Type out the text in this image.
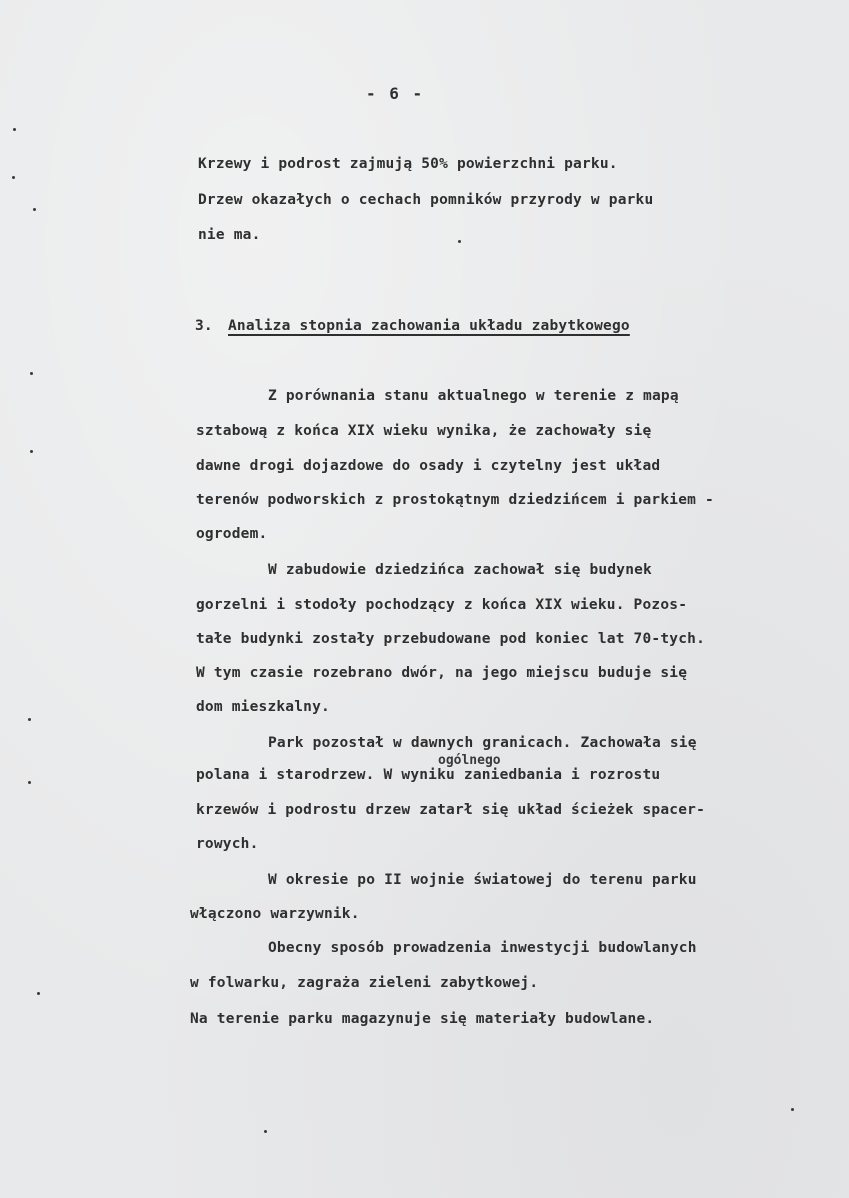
- 6 -
Krzewy i podrost zajmują 50% powierzchni parku.
Drzew okazałych o cechach pomników przyrody w parku
nie ma.
3. Analiza stopnia zachowania układu zabytkowego
Z porównania stanu aktualnego w terenie z mapą
sztabową z końca XIX wieku wynika, że zachowały się
dawne drogi dojazdowe do osady i czytelny jest układ
terenów podworskich z prostokątnym dziedzińcem i parkiem -
ogrodem.
W zabudowie dziedzińca zachował się budynek
gorzelni i stodoły pochodzący z końca XIX wieku. Pozos-
tałe budynki zostały przebudowane pod koniec lat 70-tych.
W tym czasie rozebrano dwór, na jego miejscu buduje się
dom mieszkalny.
Park pozostał w dawnych granicach. Zachowała się
polana i starodrzew. W wyniku zaniedbania i rozrostu
ogólnego
krzewów i podrostu drzew zatarł się układ ścieżek spacer-
rowych.
W okresie po II wojnie światowej do terenu parku
włączono warzywnik.
Obecny sposób prowadzenia inwestycji budowlanych
w folwarku, zagraża zieleni zabytkowej.
Na terenie parku magazynuje się materiały budowlane.
